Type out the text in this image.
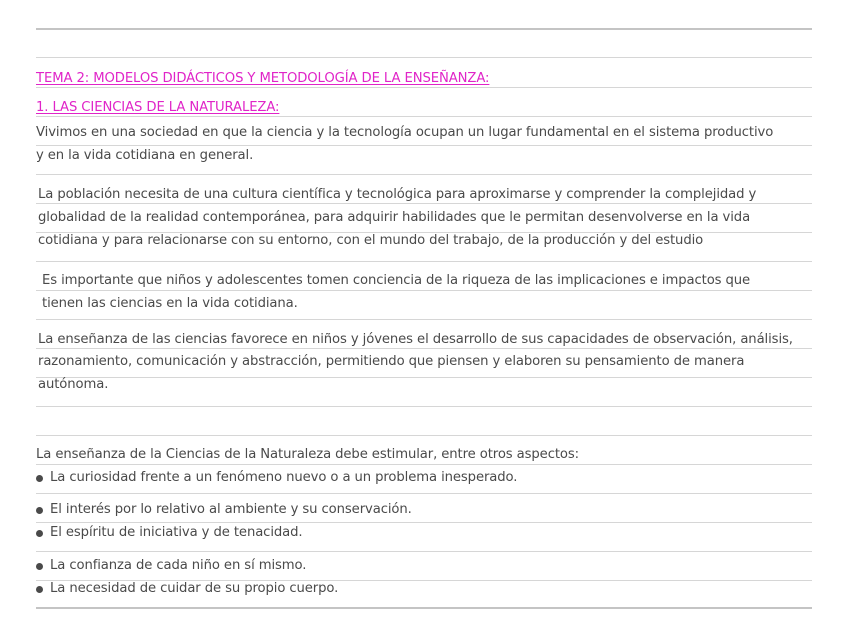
TEMA 2: MODELOS DIDÁCTICOS Y METODOLOGÍA DE LA ENSEÑANZA:
1. LAS CIENCIAS DE LA NATURALEZA:
Vivimos en una sociedad en que la ciencia y la tecnología ocupan un lugar fundamental en el sistema productivo
y en la vida cotidiana en general.
La población necesita de una cultura científica y tecnológica para aproximarse y comprender la complejidad y
globalidad de la realidad contemporánea, para adquirir habilidades que le permitan desenvolverse en la vida
cotidiana y para relacionarse con su entorno, con el mundo del trabajo, de la producción y del estudio
Es importante que niños y adolescentes tomen conciencia de la riqueza de las implicaciones e impactos que
tienen las ciencias en la vida cotidiana.
La enseñanza de las ciencias favorece en niños y jóvenes el desarrollo de sus capacidades de observación, análisis,
razonamiento, comunicación y abstracción, permitiendo que piensen y elaboren su pensamiento de manera
autónoma.
La enseñanza de la Ciencias de la Naturaleza debe estimular, entre otros aspectos:
La curiosidad frente a un fenómeno nuevo o a un problema inesperado.
El interés por lo relativo al ambiente y su conservación.
El espíritu de iniciativa y de tenacidad.
La confianza de cada niño en sí mismo.
La necesidad de cuidar de su propio cuerpo.
